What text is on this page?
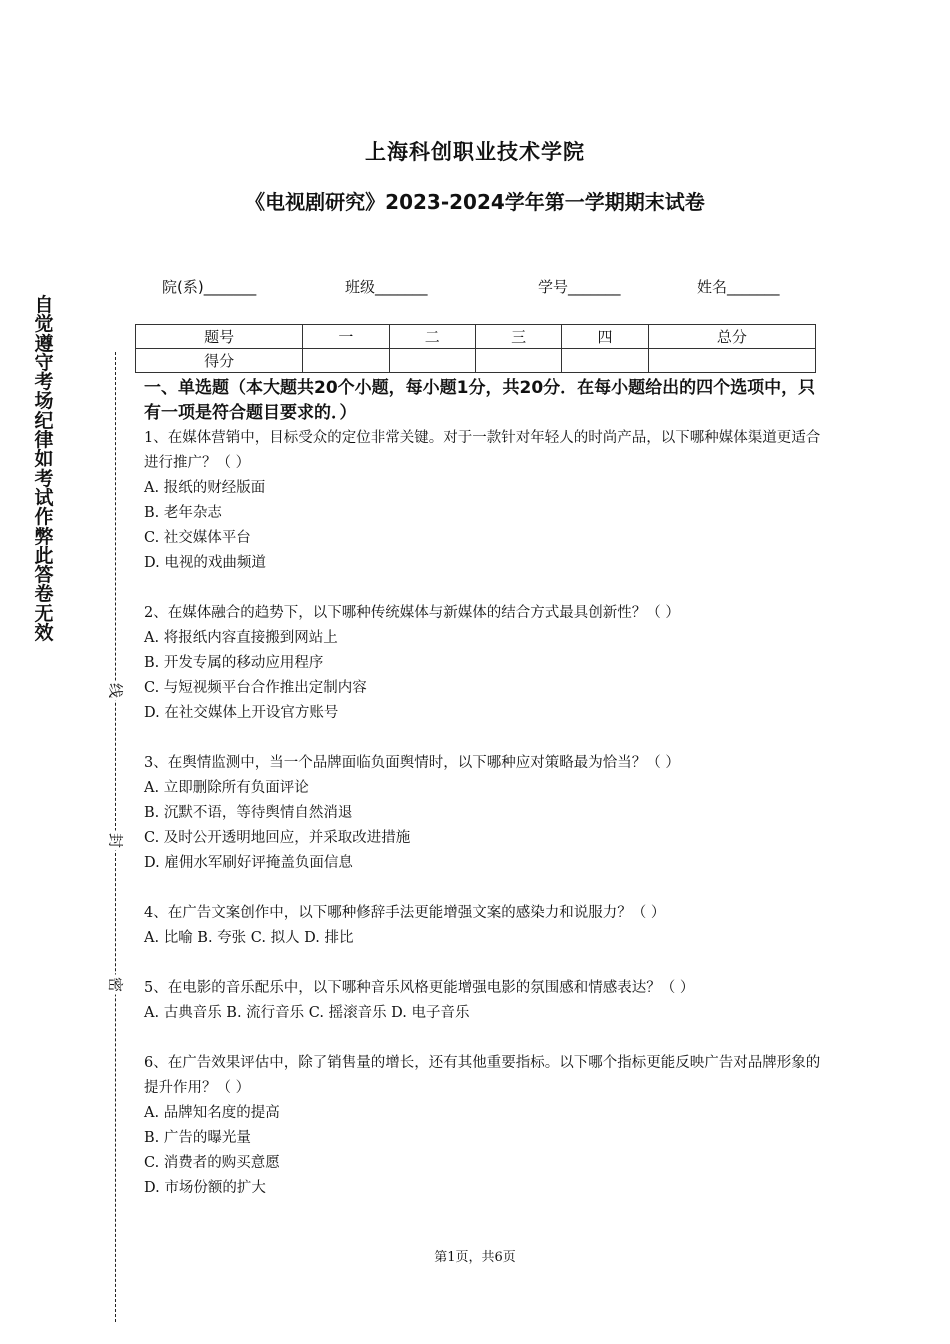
上海科创职业技术学院
《电视剧研究》2023-2024学年第一学期期末试卷
院(系)_______	班级_______	学号_______	姓名_______
题号	一	二	三	四	总分
得分					
自觉遵守考场纪律如考试作弊此答卷无效
线
封
密
一、单选题（本大题共20个小题，每小题1分，共20分．在每小题给出的四个选项中，只有一项是符合题目要求的．）
1、在媒体营销中，目标受众的定位非常关键。对于一款针对年轻人的时尚产品，以下哪种媒体渠道更适合进行推广？（ ）
A. 报纸的财经版面
B. 老年杂志
C. 社交媒体平台
D. 电视的戏曲频道
2、在媒体融合的趋势下，以下哪种传统媒体与新媒体的结合方式最具创新性？（ ）
A. 将报纸内容直接搬到网站上
B. 开发专属的移动应用程序
C. 与短视频平台合作推出定制内容
D. 在社交媒体上开设官方账号
3、在舆情监测中，当一个品牌面临负面舆情时，以下哪种应对策略最为恰当？（ ）
A. 立即删除所有负面评论
B. 沉默不语，等待舆情自然消退
C. 及时公开透明地回应，并采取改进措施
D. 雇佣水军刷好评掩盖负面信息
4、在广告文案创作中，以下哪种修辞手法更能增强文案的感染力和说服力？（ ）
A. 比喻 B. 夸张 C. 拟人 D. 排比
5、在电影的音乐配乐中，以下哪种音乐风格更能增强电影的氛围感和情感表达？（ ）
A. 古典音乐 B. 流行音乐 C. 摇滚音乐 D. 电子音乐
6、在广告效果评估中，除了销售量的增长，还有其他重要指标。以下哪个指标更能反映广告对品牌形象的提升作用？（ ）
A. 品牌知名度的提高
B. 广告的曝光量
C. 消费者的购买意愿
D. 市场份额的扩大
第1页，共6页
